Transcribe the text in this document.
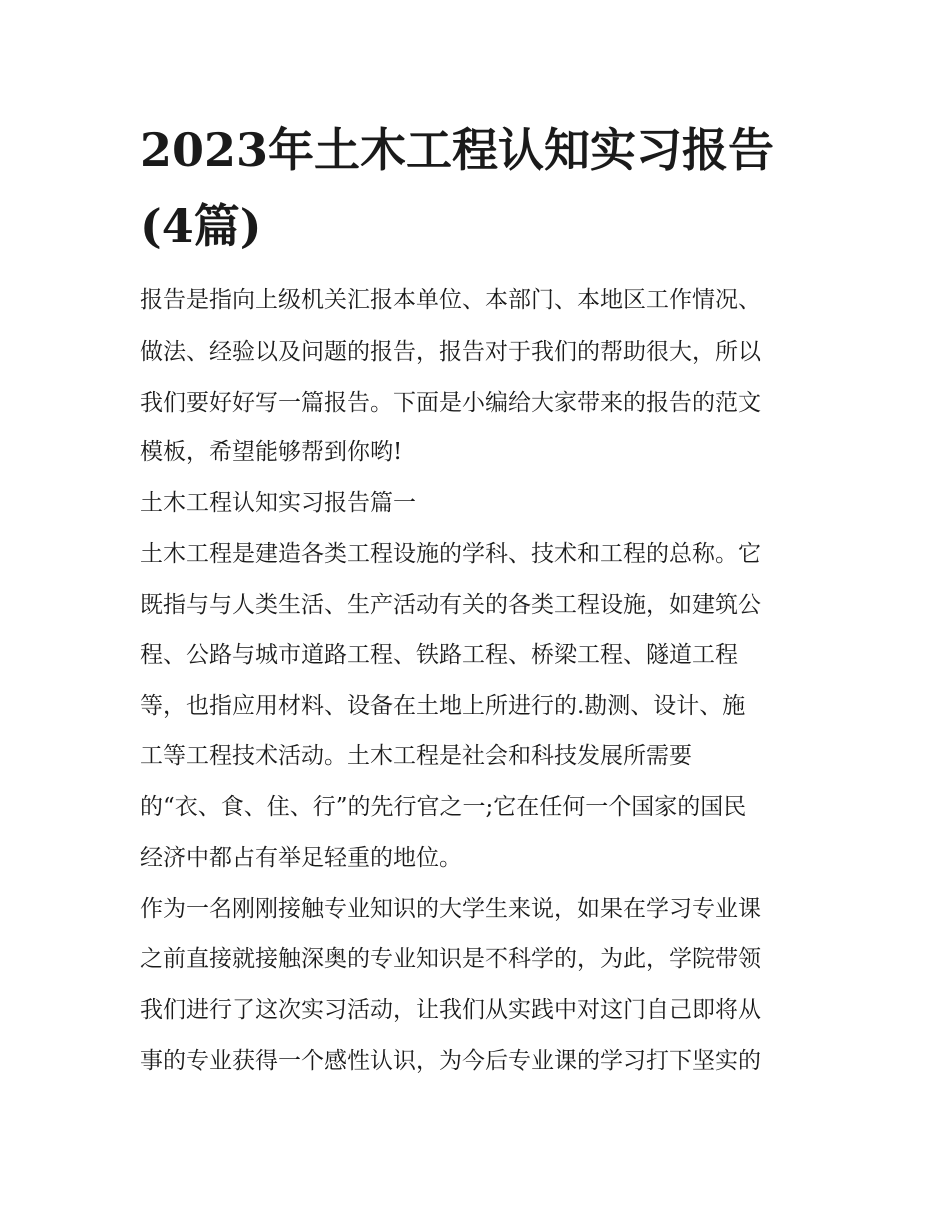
2023年土木工程认知实习报告
(4篇)

报告是指向上级机关汇报本单位、本部门、本地区工作情况、

做法、经验以及问题的报告，报告对于我们的帮助很大，所以

我们要好好写一篇报告。下面是小编给大家带来的报告的范文

模板，希望能够帮到你哟!

土木工程认知实习报告篇一

土木工程是建造各类工程设施的学科、技术和工程的总称。它

既指与与人类生活、生产活动有关的各类工程设施，如建筑公

程、公路与城市道路工程、铁路工程、桥梁工程、隧道工程

等，也指应用材料、设备在土地上所进行的.勘测、设计、施

工等工程技术活动。土木工程是社会和科技发展所需要

的“衣、食、住、行”的先行官之一;它在任何一个国家的国民

经济中都占有举足轻重的地位。

作为一名刚刚接触专业知识的大学生来说，如果在学习专业课

之前直接就接触深奥的专业知识是不科学的，为此，学院带领

我们进行了这次实习活动，让我们从实践中对这门自己即将从

事的专业获得一个感性认识，为今后专业课的学习打下坚实的
